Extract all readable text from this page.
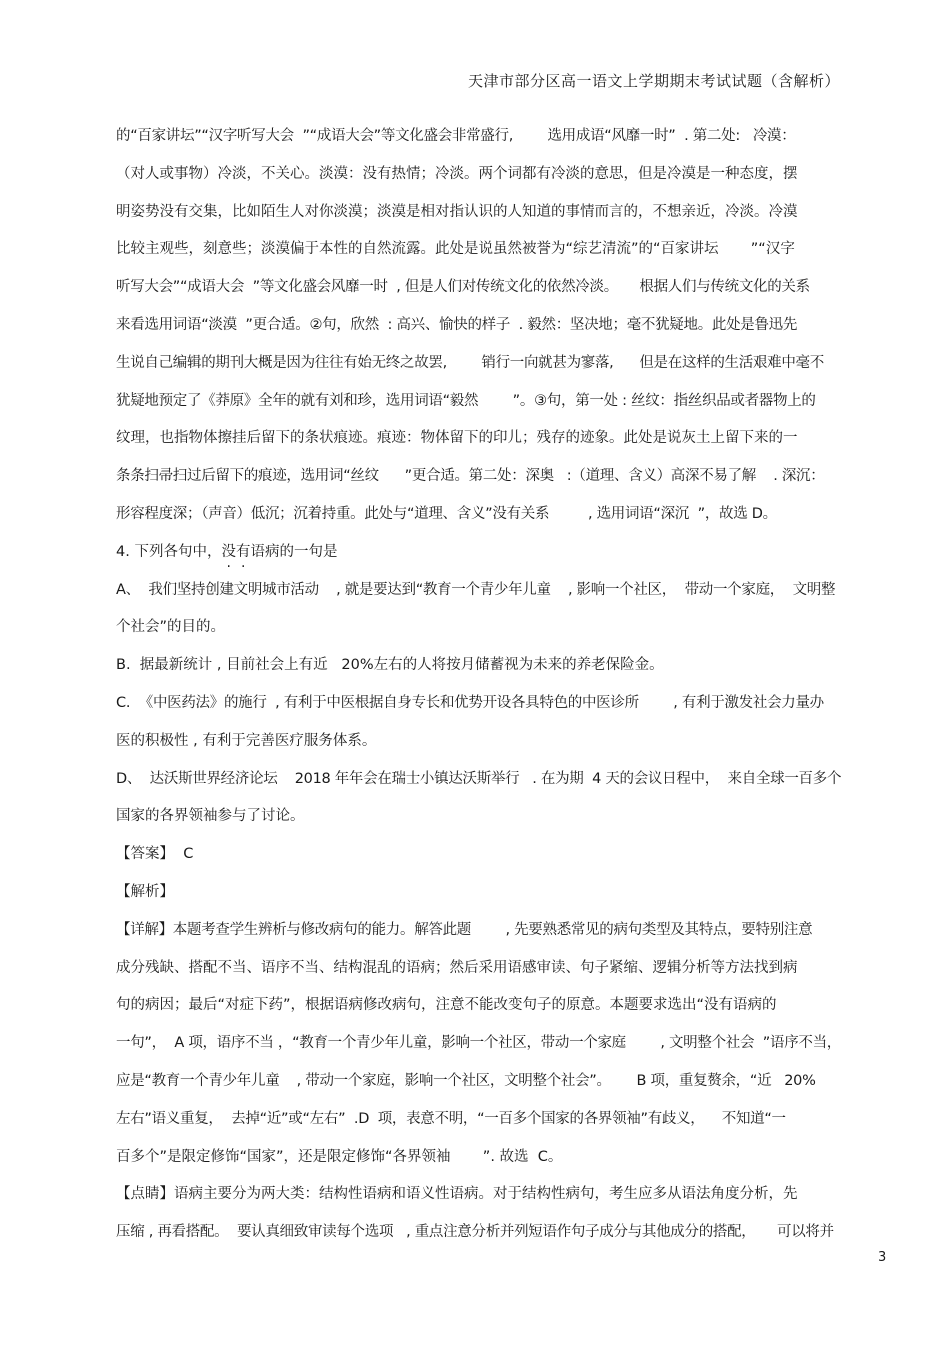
天津市部分区高一语文上学期期末考试试题（含解析）
的“百家讲坛”“汉字听写大会  ”“成语大会”等文化盛会非常盛行,        选用成语“风靡一时”  . 第二处:   冷漠：
（对人或事物）冷淡，不关心。淡漠：没有热情；冷淡。两个词都有冷淡的意思，但是冷漠是一种态度，摆
明姿势没有交集，比如陌生人对你淡漠；淡漠是相对指认识的人知道的事情而言的，不想亲近，冷淡。冷漠
比较主观些，刻意些；淡漠偏于本性的自然流露。此处是说虽然被誉为“综艺清流”的“百家讲坛       ”“汉字
听写大会”“成语大会  ”等文化盛会风靡一时  , 但是人们对传统文化的依然冷淡。     根据人们与传统文化的关系
来看选用词语“淡漠  ”更合适。②句，欣然  : 高兴、愉快的样子  . 毅然：坚决地；毫不犹疑地。此处是鲁迅先
生说自己编辑的期刊大概是因为往往有始无终之故罢,        销行一向就甚为寥落,      但是在这样的生活艰难中毫不
犹疑地预定了《莽原》全年的就有刘和珍，选用词语“毅然        ”。③句，第一处 : 丝纹：指丝织品或者器物上的
纹理，也指物体擦挂后留下的条状痕迹。痕迹：物体留下的印儿；残存的迹象。此处是说灰土上留下来的一
条条扫帚扫过后留下的痕迹，选用词“丝纹      ”更合适。第二处：深奥   :（道理、含义）高深不易了解    . 深沉：
形容程度深；（声音）低沉；沉着持重。此处与“道理、含义”没有关系         , 选用词语“深沉  ”，故选 D。
4. 下列各句中，没有语病的一句是
A、  我们坚持创建文明城市活动    , 就是要达到“教育一个青少年儿童    , 影响一个社区，  带动一个家庭，  文明整
个社会”的目的。
B.  据最新统计 , 目前社会上有近   20%左右的人将按月储蓄视为未来的养老保险金。
C.  《中医药法》的施行  , 有利于中医根据自身专长和优势开设各具特色的中医诊所        , 有利于激发社会力量办
医的积极性 , 有利于完善医疗服务体系。
D、  达沃斯世界经济论坛    2018 年年会在瑞士小镇达沃斯举行   . 在为期  4 天的会议日程中，  来自全球一百多个
国家的各界领袖参与了讨论。
【答案】  C
【解析】
【详解】本题考查学生辨析与修改病句的能力。解答此题        , 先要熟悉常见的病句类型及其特点，要特别注意
成分残缺、搭配不当、语序不当、结构混乱的语病；然后采用语感审读、句子紧缩、逻辑分析等方法找到病
句的病因；最后“对症下药”，根据语病修改病句，注意不能改变句子的原意。本题要求选出“没有语病的
一句”，  A 项，语序不当 ，“教育一个青少年儿童，影响一个社区，带动一个家庭        , 文明整个社会  ”语序不当，
应是“教育一个青少年儿童    , 带动一个家庭，影响一个社区，文明整个社会”。      B 项，重复赘余，“近   20%
左右”语义重复，  去掉“近”或“左右”  .D  项，表意不明，“一百多个国家的各界领袖”有歧义，    不知道“一
百多个”是限定修饰“国家”，还是限定修饰“各界领袖       ”. 故选  C。
【点睛】语病主要分为两大类：结构性语病和语义性语病。对于结构性病句，考生应多从语法角度分析，先
压缩 , 再看搭配。  要认真细致审读每个选项   , 重点注意分析并列短语作句子成分与其他成分的搭配，     可以将并
3
